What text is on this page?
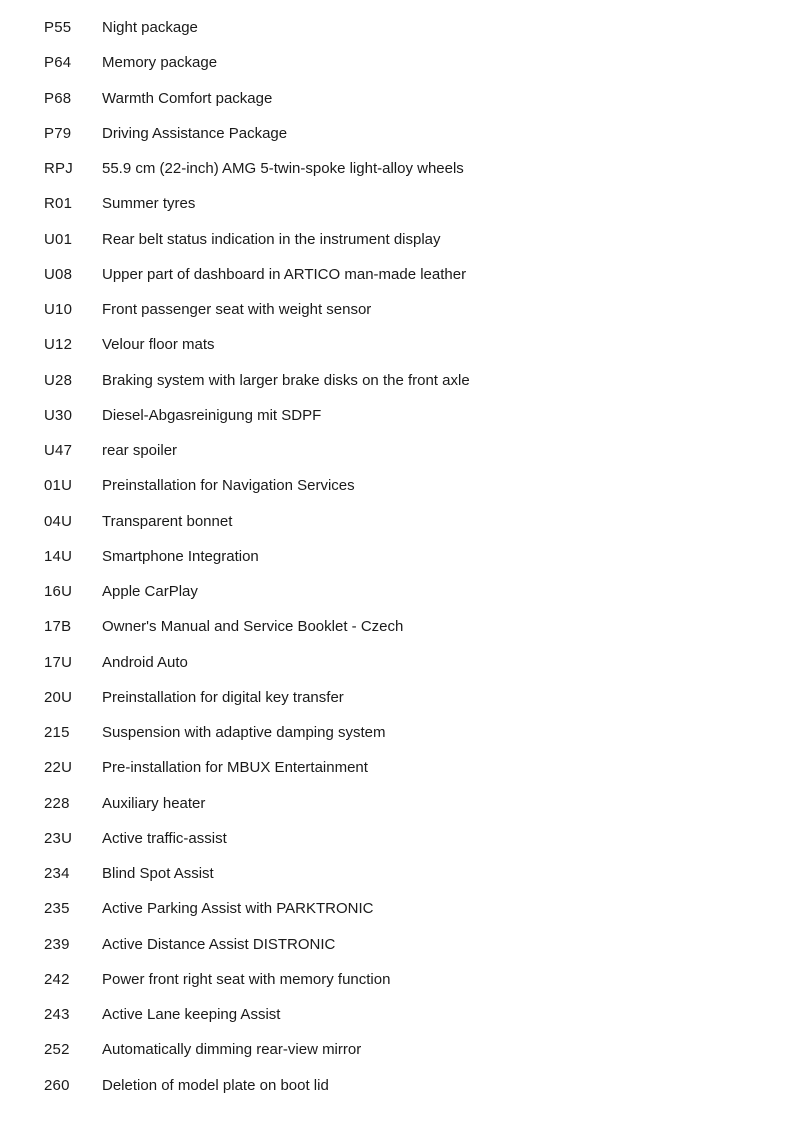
P55 Night package
P64 Memory package
P68 Warmth Comfort package
P79 Driving Assistance Package
RPJ 55.9 cm (22-inch) AMG 5-twin-spoke light-alloy wheels
R01 Summer tyres
U01 Rear belt status indication in the instrument display
U08 Upper part of dashboard in ARTICO man-made leather
U10 Front passenger seat with weight sensor
U12 Velour floor mats
U28 Braking system with larger brake disks on the front axle
U30 Diesel-Abgasreinigung mit SDPF
U47 rear spoiler
01U Preinstallation for Navigation Services
04U Transparent bonnet
14U Smartphone Integration
16U Apple CarPlay
17B Owner's Manual and Service Booklet - Czech
17U Android Auto
20U Preinstallation for digital key transfer
215 Suspension with adaptive damping system
22U Pre-installation for MBUX Entertainment
228 Auxiliary heater
23U Active traffic-assist
234 Blind Spot Assist
235 Active Parking Assist with PARKTRONIC
239 Active Distance Assist DISTRONIC
242 Power front right seat with memory function
243 Active Lane keeping Assist
252 Automatically dimming rear-view mirror
260 Deletion of model plate on boot lid
